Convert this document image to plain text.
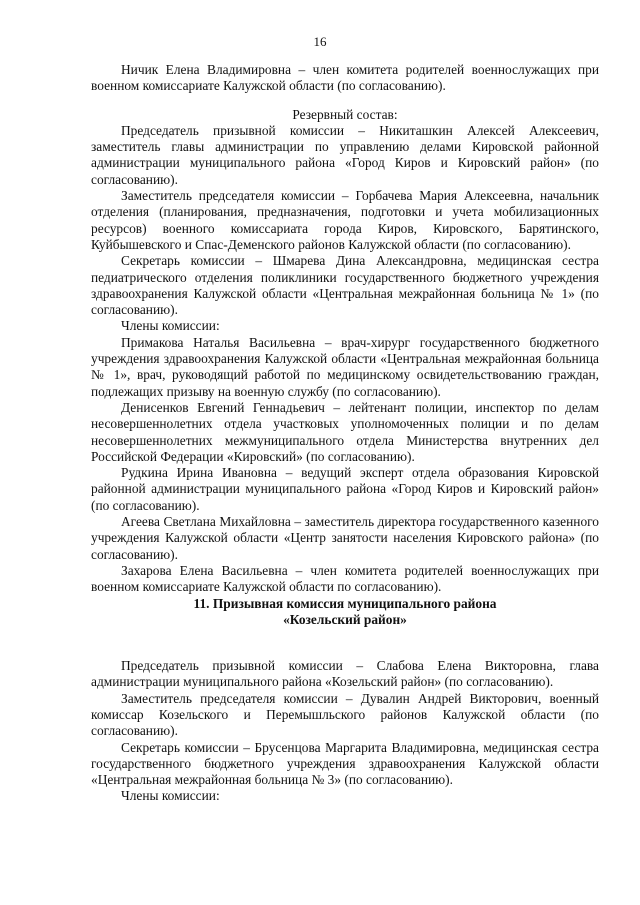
16

Ничик Елена Владимировна – член комитета родителей военнослужащих при военном комиссариате Калужской области (по согласованию).

Резервный состав:

Председатель призывной комиссии – Никиташкин Алексей Алексеевич, заместитель главы администрации по управлению делами Кировской районной администрации муниципального района «Город Киров и Кировский район» (по согласованию).

Заместитель председателя комиссии – Горбачева Мария Алексеевна, начальник отделения (планирования, предназначения, подготовки и учета мобилизационных ресурсов) военного комиссариата города Киров, Кировского, Барятинского, Куйбышевского и Спас-Деменского районов Калужской области (по согласованию).

Секретарь комиссии – Шмарева Дина Александровна, медицинская сестра педиатрического отделения поликлиники государственного бюджетного учреждения здравоохранения Калужской области «Центральная межрайонная больница № 1» (по согласованию).

Члены комиссии:

Примакова Наталья Васильевна – врач-хирург государственного бюджетного учреждения здравоохранения Калужской области «Центральная межрайонная больница № 1», врач, руководящий работой по медицинскому освидетельствованию граждан, подлежащих призыву на военную службу (по согласованию).

Денисенков Евгений Геннадьевич – лейтенант полиции, инспектор по делам несовершеннолетних отдела участковых уполномоченных полиции и по делам несовершеннолетних межмуниципального отдела Министерства внутренних дел Российской Федерации «Кировский» (по согласованию).

Рудкина Ирина Ивановна – ведущий эксперт отдела образования Кировской районной администрации муниципального района «Город Киров и Кировский район» (по согласованию).

Агеева Светлана Михайловна – заместитель директора государственного казенного учреждения Калужской области «Центр занятости населения Кировского района» (по согласованию).

Захарова Елена Васильевна – член комитета родителей военнослужащих при военном комиссариате Калужской области по согласованию).

11. Призывная комиссия муниципального района
«Козельский район»

Председатель призывной комиссии – Слабова Елена Викторовна, глава администрации муниципального района «Козельский район» (по согласованию).

Заместитель председателя комиссии – Дувалин Андрей Викторович, военный комиссар Козельского и Перемышльского районов Калужской области (по согласованию).

Секретарь комиссии – Брусенцова Маргарита Владимировна, медицинская сестра государственного бюджетного учреждения здравоохранения Калужской области «Центральная межрайонная больница № 3» (по согласованию).

Члены комиссии:
